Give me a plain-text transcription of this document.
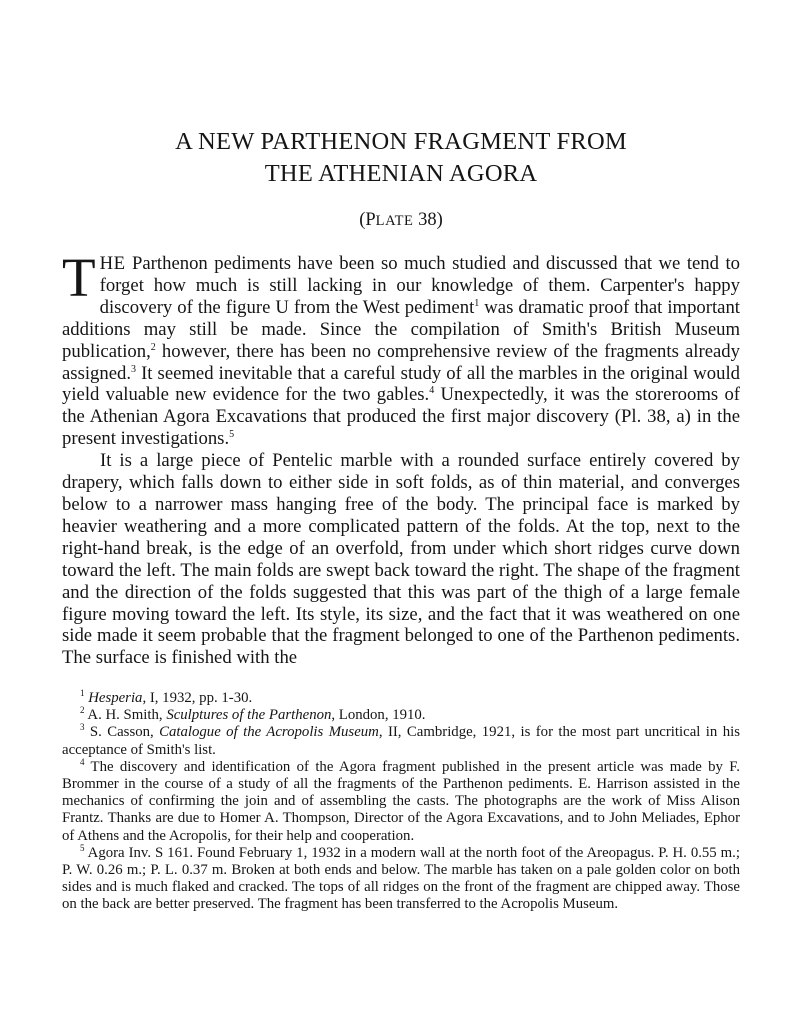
A NEW PARTHENON FRAGMENT FROM
THE ATHENIAN AGORA
(PLATE 38)

THE Parthenon pediments have been so much studied and discussed that we tend to forget how much is still lacking in our knowledge of them. Carpenter's happy discovery of the figure U from the West pediment$^1$ was dramatic proof that important additions may still be made. Since the compilation of Smith's British Museum publication,$^2$ however, there has been no comprehensive review of the fragments already assigned.$^3$ It seemed inevitable that a careful study of all the marbles in the original would yield valuable new evidence for the two gables.$^4$ Unexpectedly, it was the storerooms of the Athenian Agora Excavations that produced the first major discovery (Pl. 38, a) in the present investigations.$^5$

It is a large piece of Pentelic marble with a rounded surface entirely covered by drapery, which falls down to either side in soft folds, as of thin material, and converges below to a narrower mass hanging free of the body. The principal face is marked by heavier weathering and a more complicated pattern of the folds. At the top, next to the right-hand break, is the edge of an overfold, from under which short ridges curve down toward the left. The main folds are swept back toward the right. The shape of the fragment and the direction of the folds suggested that this was part of the thigh of a large female figure moving toward the left. Its style, its size, and the fact that it was weathered on one side made it seem probable that the fragment belonged to one of the Parthenon pediments. The surface is finished with the

$^1$ Hesperia, I, 1932, pp. 1-30.

$^2$ A. H. Smith, Sculptures of the Parthenon, London, 1910.

$^3$ S. Casson, Catalogue of the Acropolis Museum, II, Cambridge, 1921, is for the most part uncritical in his acceptance of Smith's list.

$^4$ The discovery and identification of the Agora fragment published in the present article was made by F. Brommer in the course of a study of all the fragments of the Parthenon pediments. E. Harrison assisted in the mechanics of confirming the join and of assembling the casts. The photographs are the work of Miss Alison Frantz. Thanks are due to Homer A. Thompson, Director of the Agora Excavations, and to John Meliades, Ephor of Athens and the Acropolis, for their help and cooperation.

$^5$ Agora Inv. S 161. Found February 1, 1932 in a modern wall at the north foot of the Areopagus. P. H. 0.55 m.; P. W. 0.26 m.; P. L. 0.37 m. Broken at both ends and below. The marble has taken on a pale golden color on both sides and is much flaked and cracked. The tops of all ridges on the front of the fragment are chipped away. Those on the back are better preserved. The fragment has been transferred to the Acropolis Museum.
